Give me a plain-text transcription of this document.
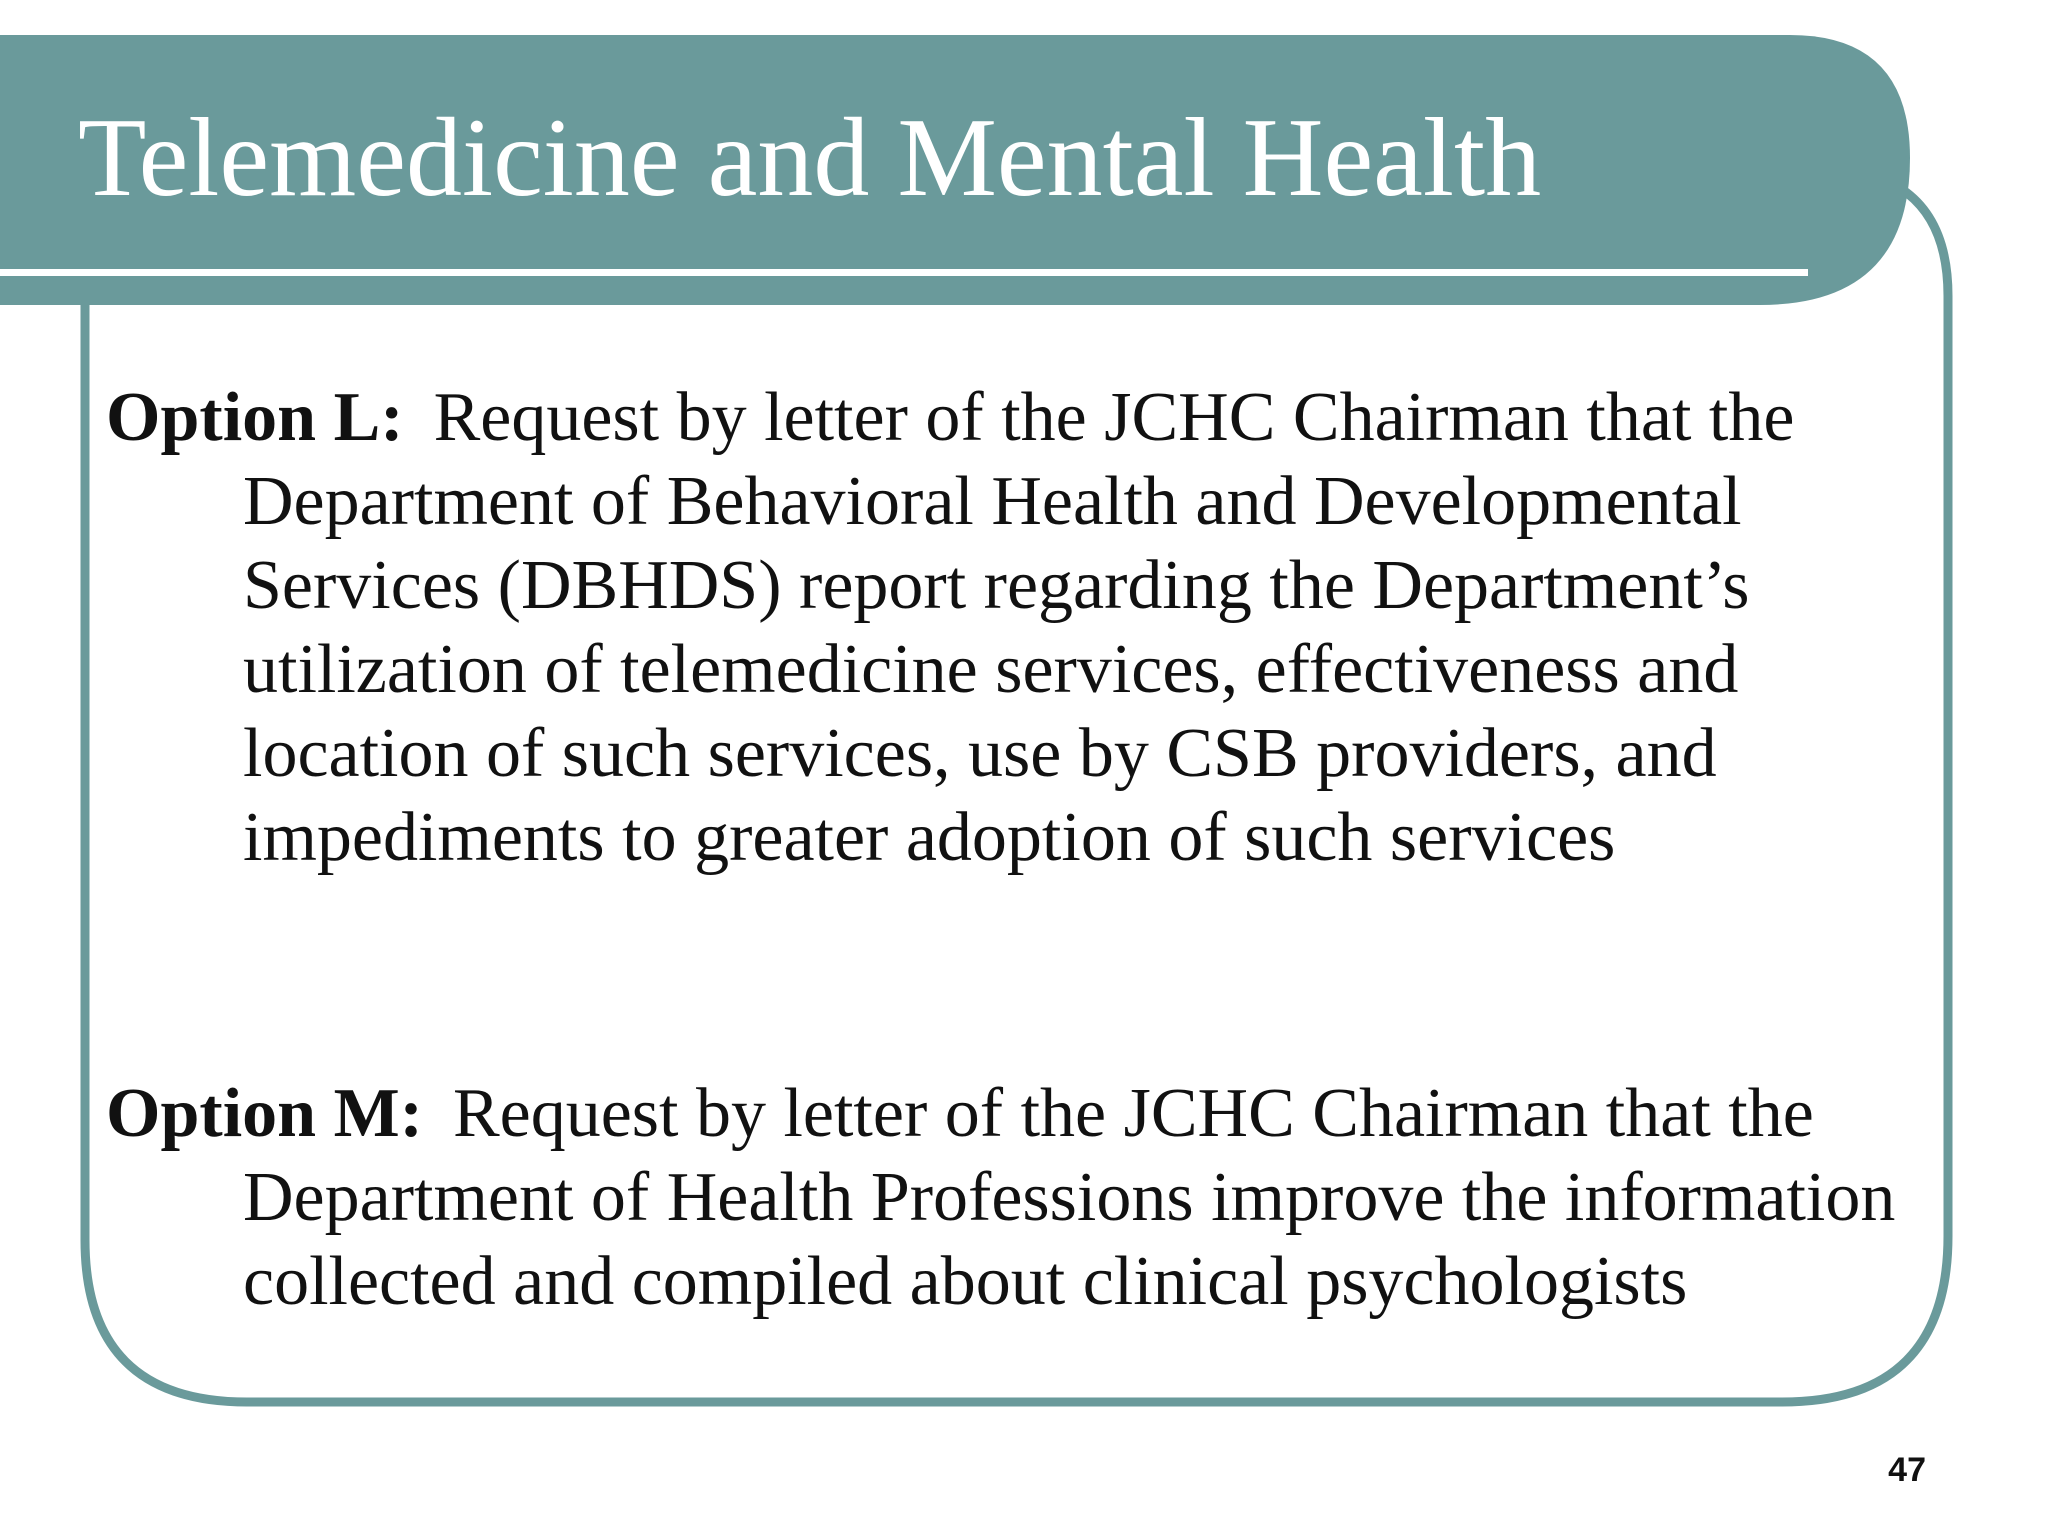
Telemedicine and Mental Health

Option L: Request by letter of the JCHC Chairman that the Department of Behavioral Health and Developmental Services (DBHDS) report regarding the Department’s utilization of telemedicine services, effectiveness and location of such services, use by CSB providers, and impediments to greater adoption of such services

Option M: Request by letter of the JCHC Chairman that the Department of Health Professions improve the information collected and compiled about clinical psychologists

47
